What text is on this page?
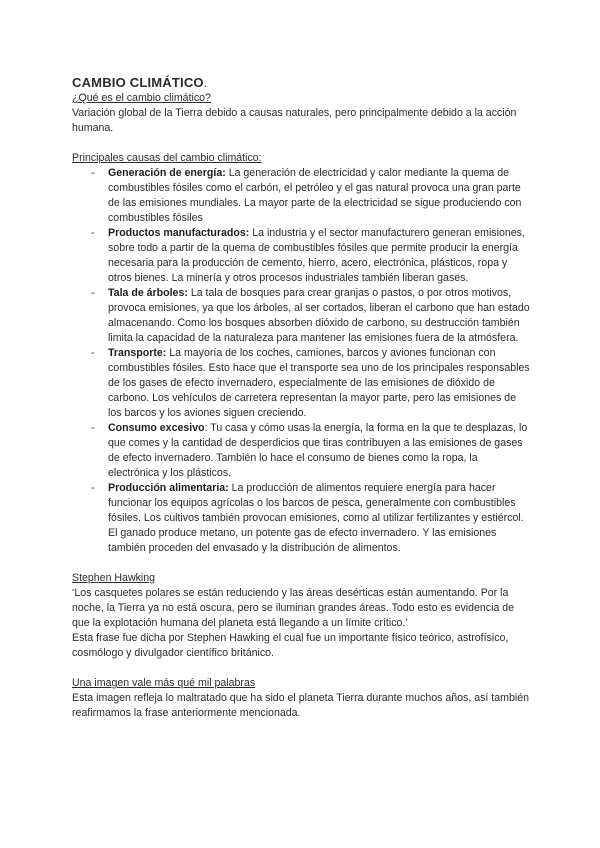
CAMBIO CLIMÁTICO.

¿Qué es el cambio climático?

Variación global de la Tierra debido a causas naturales, pero principalmente debido a la acción humana.

Principales causas del cambio climático:

- Generación de energía: La generación de electricidad y calor mediante la quema de combustibles fósiles como el carbón, el petróleo y el gas natural provoca una gran parte de las emisiones mundiales. La mayor parte de la electricidad se sigue produciendo con combustibles fósiles
- Productos manufacturados: La industria y el sector manufacturero generan emisiones, sobre todo a partir de la quema de combustibles fósiles que permite producir la energía necesaria para la producción de cemento, hierro, acero, electrónica, plásticos, ropa y otros bienes. La minería y otros procesos industriales también liberan gases.
- Tala de árboles: La tala de bosques para crear granjas o pastos, o por otros motivos, provoca emisiones, ya que los árboles, al ser cortados, liberan el carbono que han estado almacenando. Como los bosques absorben dióxido de carbono, su destrucción también limita la capacidad de la naturaleza para mantener las emisiones fuera de la atmósfera.
- Transporte: La mayoría de los coches, camiones, barcos y aviones funcionan con combustibles fósiles. Esto hace que el transporte sea uno de los principales responsables de los gases de efecto invernadero, especialmente de las emisiones de dióxido de carbono. Los vehículos de carretera representan la mayor parte, pero las emisiones de los barcos y los aviones siguen creciendo.
- Consumo excesivo: Tu casa y cómo usas la energía, la forma en la que te desplazas, lo que comes y la cantidad de desperdicios que tiras contribuyen a las emisiones de gases de efecto invernadero. También lo hace el consumo de bienes como la ropa, la electrónica y los plásticos.
- Producción alimentaria: La producción de alimentos requiere energía para hacer funcionar los equipos agrícolas o los barcos de pesca, generalmente con combustibles fósiles. Los cultivos también provocan emisiones, como al utilizar fertilizantes y estiércol. El ganado produce metano, un potente gas de efecto invernadero. Y las emisiones también proceden del envasado y la distribución de alimentos.

Stephen Hawking

‘Los casquetes polares se están reduciendo y las áreas desérticas están aumentando. Por la noche, la Tierra ya no está oscura, pero se iluminan grandes áreas. Todo esto es evidencia de que la explotación humana del planeta está llegando a un límite crítico.’

Esta frase fue dicha por Stephen Hawking el cual fue un importante físico teórico, astrofísico, cosmólogo y divulgador científico británico.

Una imagen vale más qué mil palabras

Esta imagen refleja lo maltratado que ha sido el planeta Tierra durante muchos años, así también reafirmamos la frase anteriormente mencionada.
